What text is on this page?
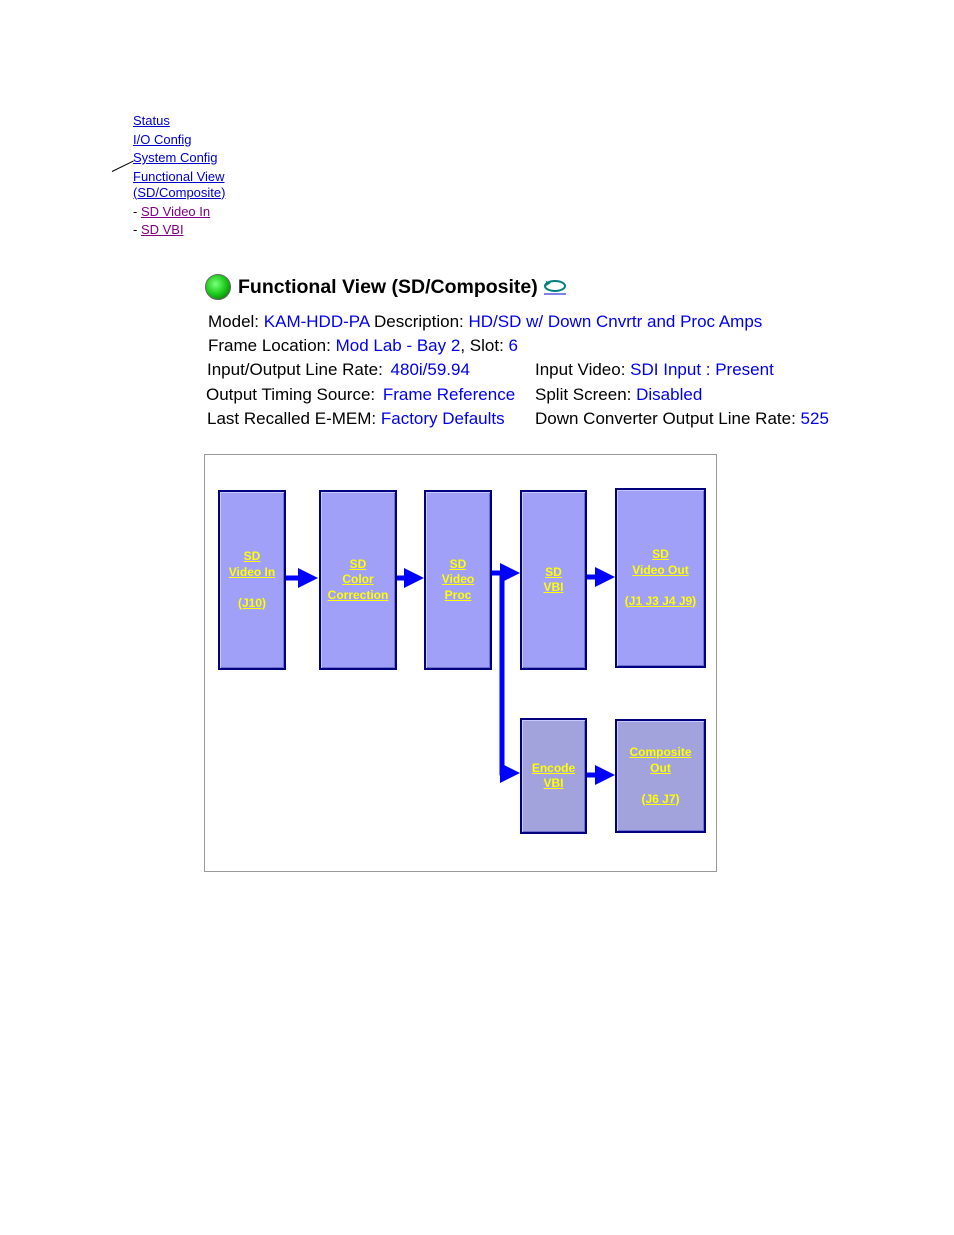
Status
I/O Config
System Config
Functional View
(SD/Composite)
- SD Video In
- SD VBI
Functional View (SD/Composite)
Model: KAM-HDD-PA Description: HD/SD w/ Down Cnvrtr and Proc Amps
Frame Location: Mod Lab - Bay 2, Slot: 6
Input/Output Line Rate: 480i/59.94	Input Video: SDI Input : Present
Output Timing Source: Frame Reference Split Screen: Disabled
Last Recalled E-MEM: Factory Defaults Down Converter Output Line Rate: 525
SD
Video In

(J10)
SD
Color
Correction
SD
Video
Proc
SD
VBI
SD
Video Out

(J1 J3 J4 J9)
Encode
VBI
Composite
Out

(J6 J7)
